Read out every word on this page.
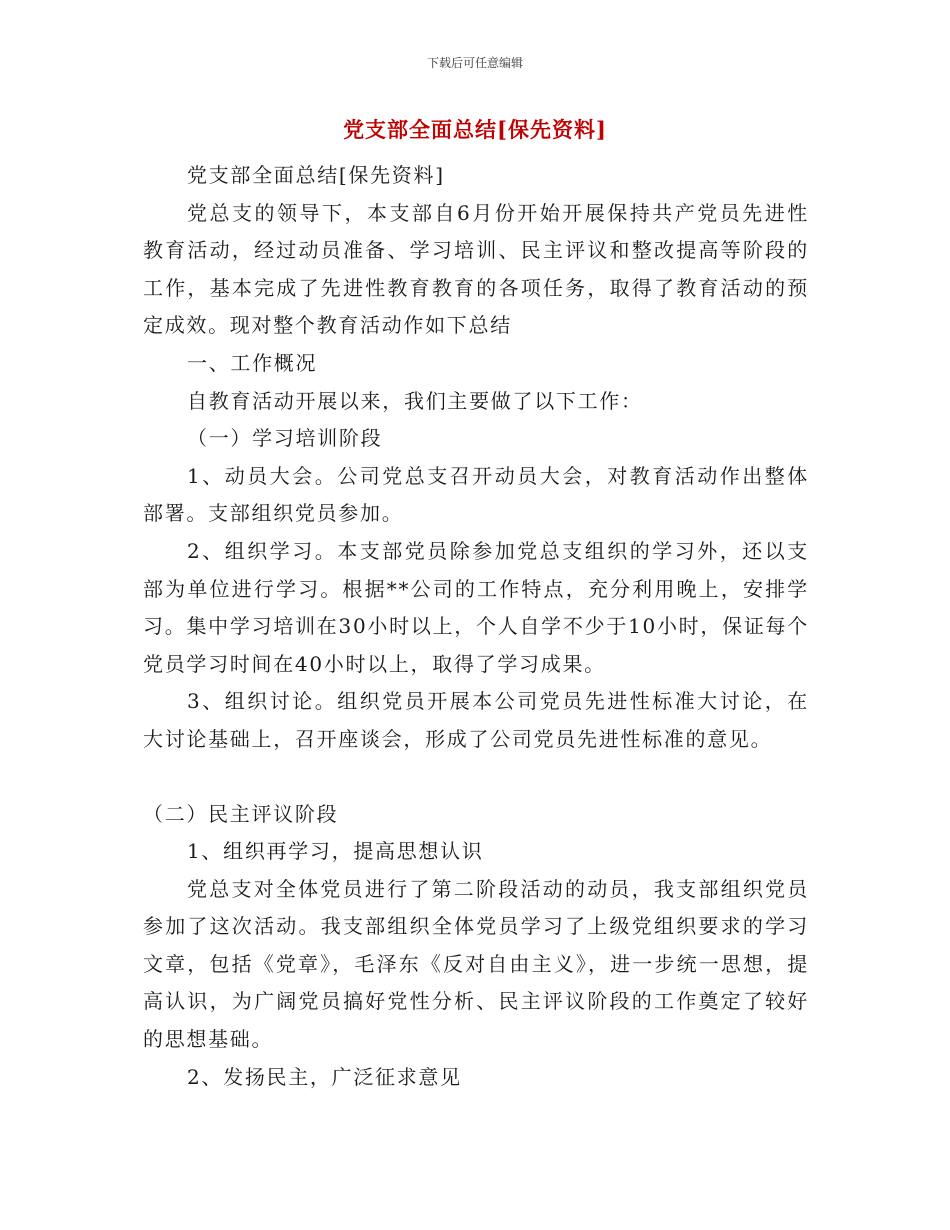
下载后可任意编辑
党支部全面总结[保先资料]

党支部全面总结[保先资料]

党总支的领导下，本支部自6月份开始开展保持共产党员先进性教育活动，经过动员准备、学习培训、民主评议和整改提高等阶段的工作，基本完成了先进性教育教育的各项任务，取得了教育活动的预定成效。现对整个教育活动作如下总结

一、工作概况

自教育活动开展以来，我们主要做了以下工作：

（一）学习培训阶段

1、动员大会。公司党总支召开动员大会，对教育活动作出整体部署。支部组织党员参加。

2、组织学习。本支部党员除参加党总支组织的学习外，还以支部为单位进行学习。根据**公司的工作特点，充分利用晚上，安排学习。集中学习培训在30小时以上，个人自学不少于10小时，保证每个党员学习时间在40小时以上，取得了学习成果。

3、组织讨论。组织党员开展本公司党员先进性标准大讨论，在大讨论基础上，召开座谈会，形成了公司党员先进性标准的意见。

（二）民主评议阶段

1、组织再学习，提高思想认识

党总支对全体党员进行了第二阶段活动的动员，我支部组织党员参加了这次活动。我支部组织全体党员学习了上级党组织要求的学习文章，包括《党章》，毛泽东《反对自由主义》，进一步统一思想，提高认识，为广阔党员搞好党性分析、民主评议阶段的工作奠定了较好的思想基础。

2、发扬民主，广泛征求意见
